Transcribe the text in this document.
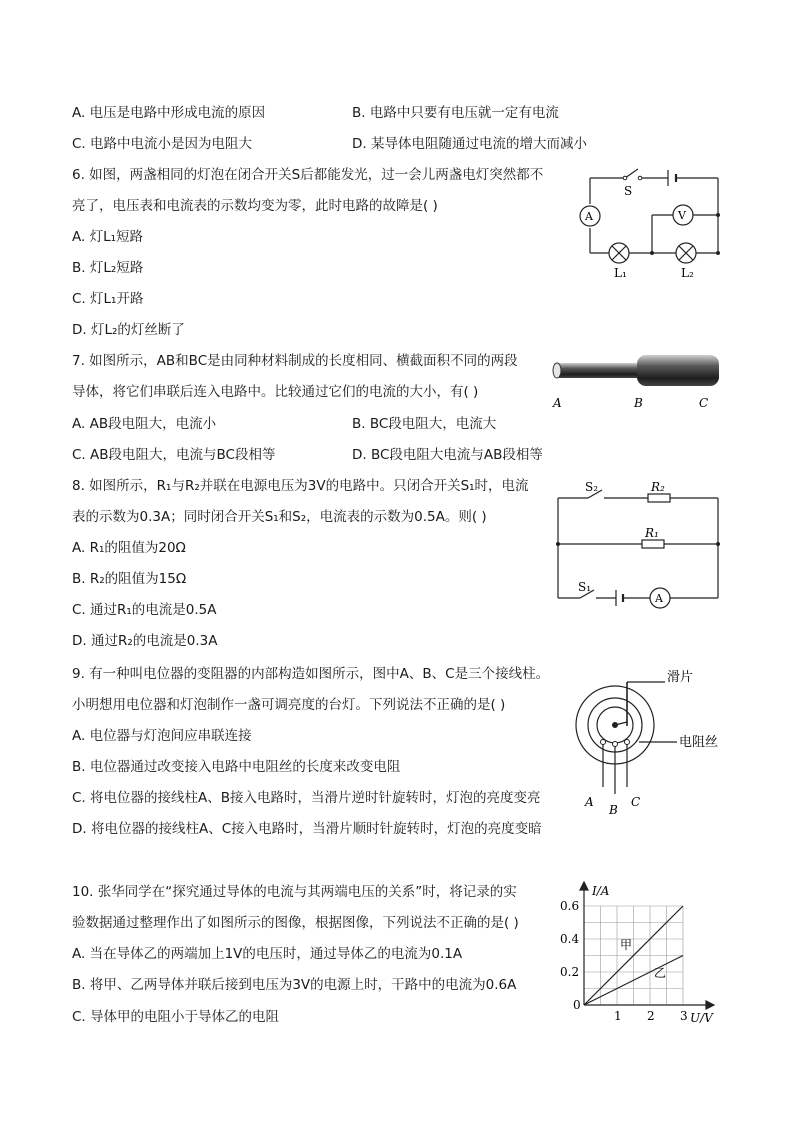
A. 电压是电路中形成电流的原因	B. 电路中只要有电压就一定有电流
C. 电路中电流小是因为电阻大	D. 某导体电阻随通过电流的增大而减小
6. 如图，两盏相同的灯泡在闭合开关S后都能发光，过一会儿两盏电灯突然都不
亮了，电压表和电流表的示数均变为零，此时电路的故障是( )
A. 灯L₁短路
B. 灯L₂短路
C. 灯L₁开路
D. 灯L₂的灯丝断了
S
A	V
L₁	L₂
7. 如图所示，AB和BC是由同种材料制成的长度相同、横截面积不同的两段
导体，将它们串联后连入电路中。比较通过它们的电流的大小，有( )
A. AB段电阻大，电流小	B. BC段电阻大，电流大
C. AB段电阻大，电流与BC段相等	D. BC段电阻大电流与AB段相等
A	B	C
8. 如图所示，R₁与R₂并联在电源电压为3V的电路中。只闭合开关S₁时，电流
表的示数为0.3A；同时闭合开关S₁和S₂，电流表的示数为0.5A。则( )
A. R₁的阻值为20Ω
B. R₂的阻值为15Ω
C. 通过R₁的电流是0.5A
D. 通过R₂的电流是0.3A
S₂	R₂
R₁
S₁
A
9. 有一种叫电位器的变阻器的内部构造如图所示，图中A、B、C是三个接线柱。
小明想用电位器和灯泡制作一盏可调亮度的台灯。下列说法不正确的是( )
A. 电位器与灯泡间应串联连接
B. 电位器通过改变接入电路中电阻丝的长度来改变电阻
C. 将电位器的接线柱A、B接入电路时，当滑片逆时针旋转时，灯泡的亮度变亮
D. 将电位器的接线柱A、C接入电路时，当滑片顺时针旋转时，灯泡的亮度变暗
滑片
电阻丝
A
B
C
10. 张华同学在“探究通过导体的电流与其两端电压的关系”时，将记录的实
验数据通过整理作出了如图所示的图像，根据图像，下列说法不正确的是( )
A. 当在导体乙的两端加上1V的电压时，通过导体乙的电流为0.1A
B. 将甲、乙两导体并联后接到电压为3V的电源上时，干路中的电流为0.6A
C. 导体甲的电阻小于导体乙的电阻	1 2 3
0
0.2
0.4
0.6
I/A
U/V
甲
乙
